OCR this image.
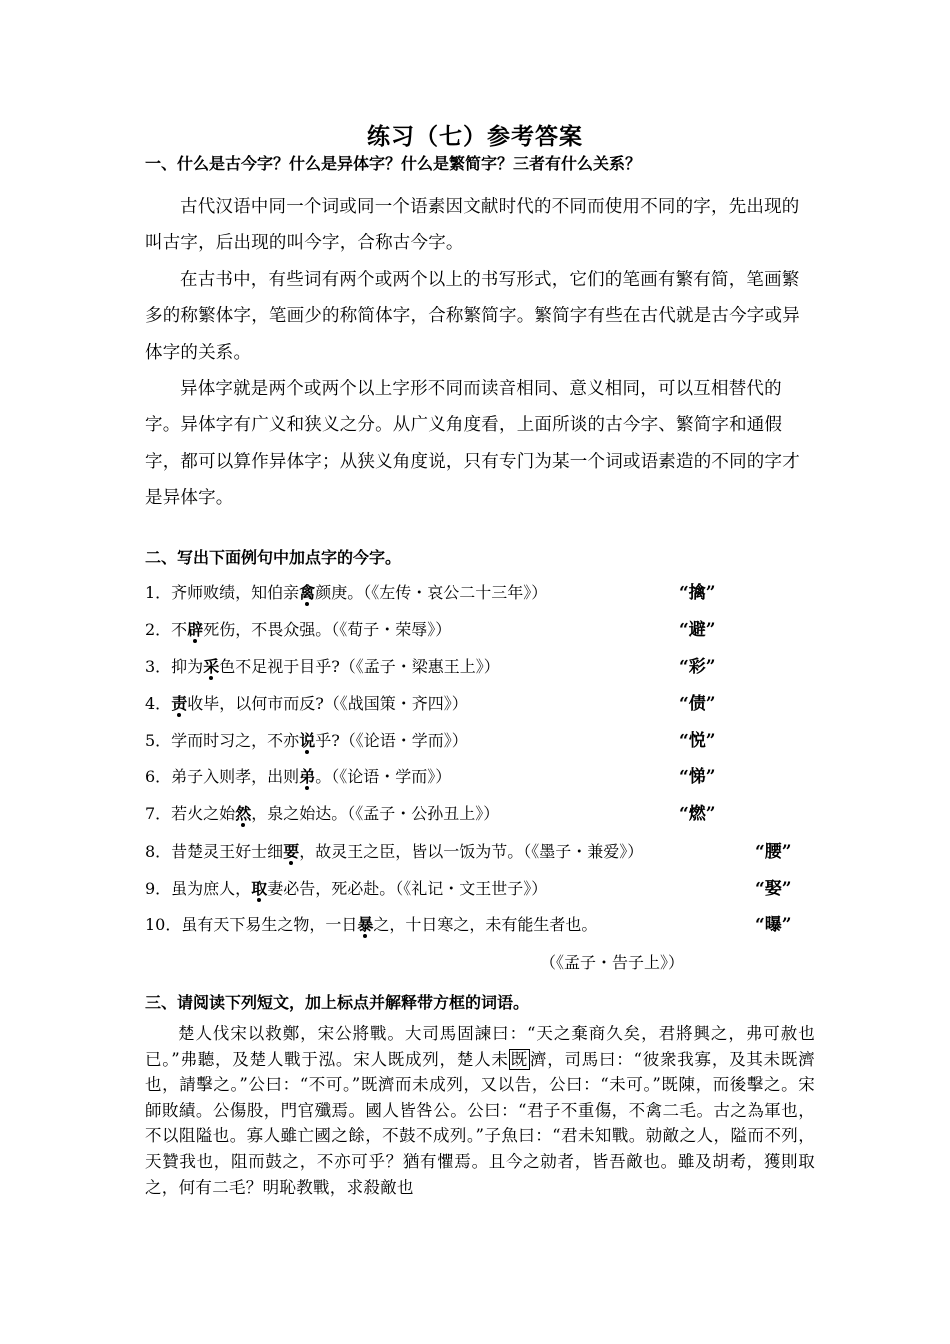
练习（七）参考答案
一、什么是古今字？什么是异体字？什么是繁简字？三者有什么关系？

古代汉语中同一个词或同一个语素因文献时代的不同而使用不同的字，先出现的叫古字，后出现的叫今字，合称古今字。

在古书中，有些词有两个或两个以上的书写形式，它们的笔画有繁有简，笔画繁多的称繁体字，笔画少的称简体字，合称繁简字。繁简字有些在古代就是古今字或异体字的关系。

异体字就是两个或两个以上字形不同而读音相同、意义相同，可以互相替代的字。异体字有广义和狭义之分。从广义角度看，上面所谈的古今字、繁简字和通假字，都可以算作异体字；从狭义角度说，只有专门为某一个词或语素造的不同的字才是异体字。

二、写出下面例句中加点字的今字。
1．齐师败绩，知伯亲禽颜庚。（《左传・哀公二十三年》）	“擒”
2．不辟死伤，不畏众强。（《荀子・荣辱》）	“避”
3．抑为采色不足视于目乎?（《孟子・梁惠王上》）	“彩”
4．责收毕，以何市而反?（《战国策・齐四》）	“债”
5．学而时习之，不亦说乎?（《论语・学而》）	“悦”
6．弟子入则孝，出则弟。（《论语・学而》）	“悌”
7．若火之始然，泉之始达。（《孟子・公孙丑上》）	“燃”
8．昔楚灵王好士细要，故灵王之臣，皆以一饭为节。（《墨子・兼爱》）	“腰”
9．虽为庶人，取妻必告，死必赴。（《礼记・文王世子》）	“娶”
10．虽有天下易生之物，一日暴之，十日寒之，未有能生者也。	“曝”
（《孟子・告子上》）
三、请阅读下列短文，加上标点并解释带方框的词语。

楚人伐宋以救鄭，宋公將戰。大司馬固諫曰：“天之棄商久矣，君將興之，弗可赦也已。”弗聽，及楚人戰于泓。宋人既成列，楚人未 既 濟，司馬曰：“彼衆我寡，及其未既濟也，請擊之。”公曰：“不可。”既濟而未成列，又以告，公曰：“未可。”既陳，而後擊之。宋師敗績。公傷股，門官殲焉。國人皆咎公。公曰：“君子不重傷，不禽二毛。古之為軍也，不以阻隘也。寡人雖亡國之餘，不鼓不成列。”子魚曰：“君未知戰。勍敵之人，隘而不列，天贊我也，阻而鼓之，不亦可乎？猶有懼焉。且今之勍者，皆吾敵也。雖及胡耇，獲則取之，何有二毛？明恥教戰，求殺敵也
